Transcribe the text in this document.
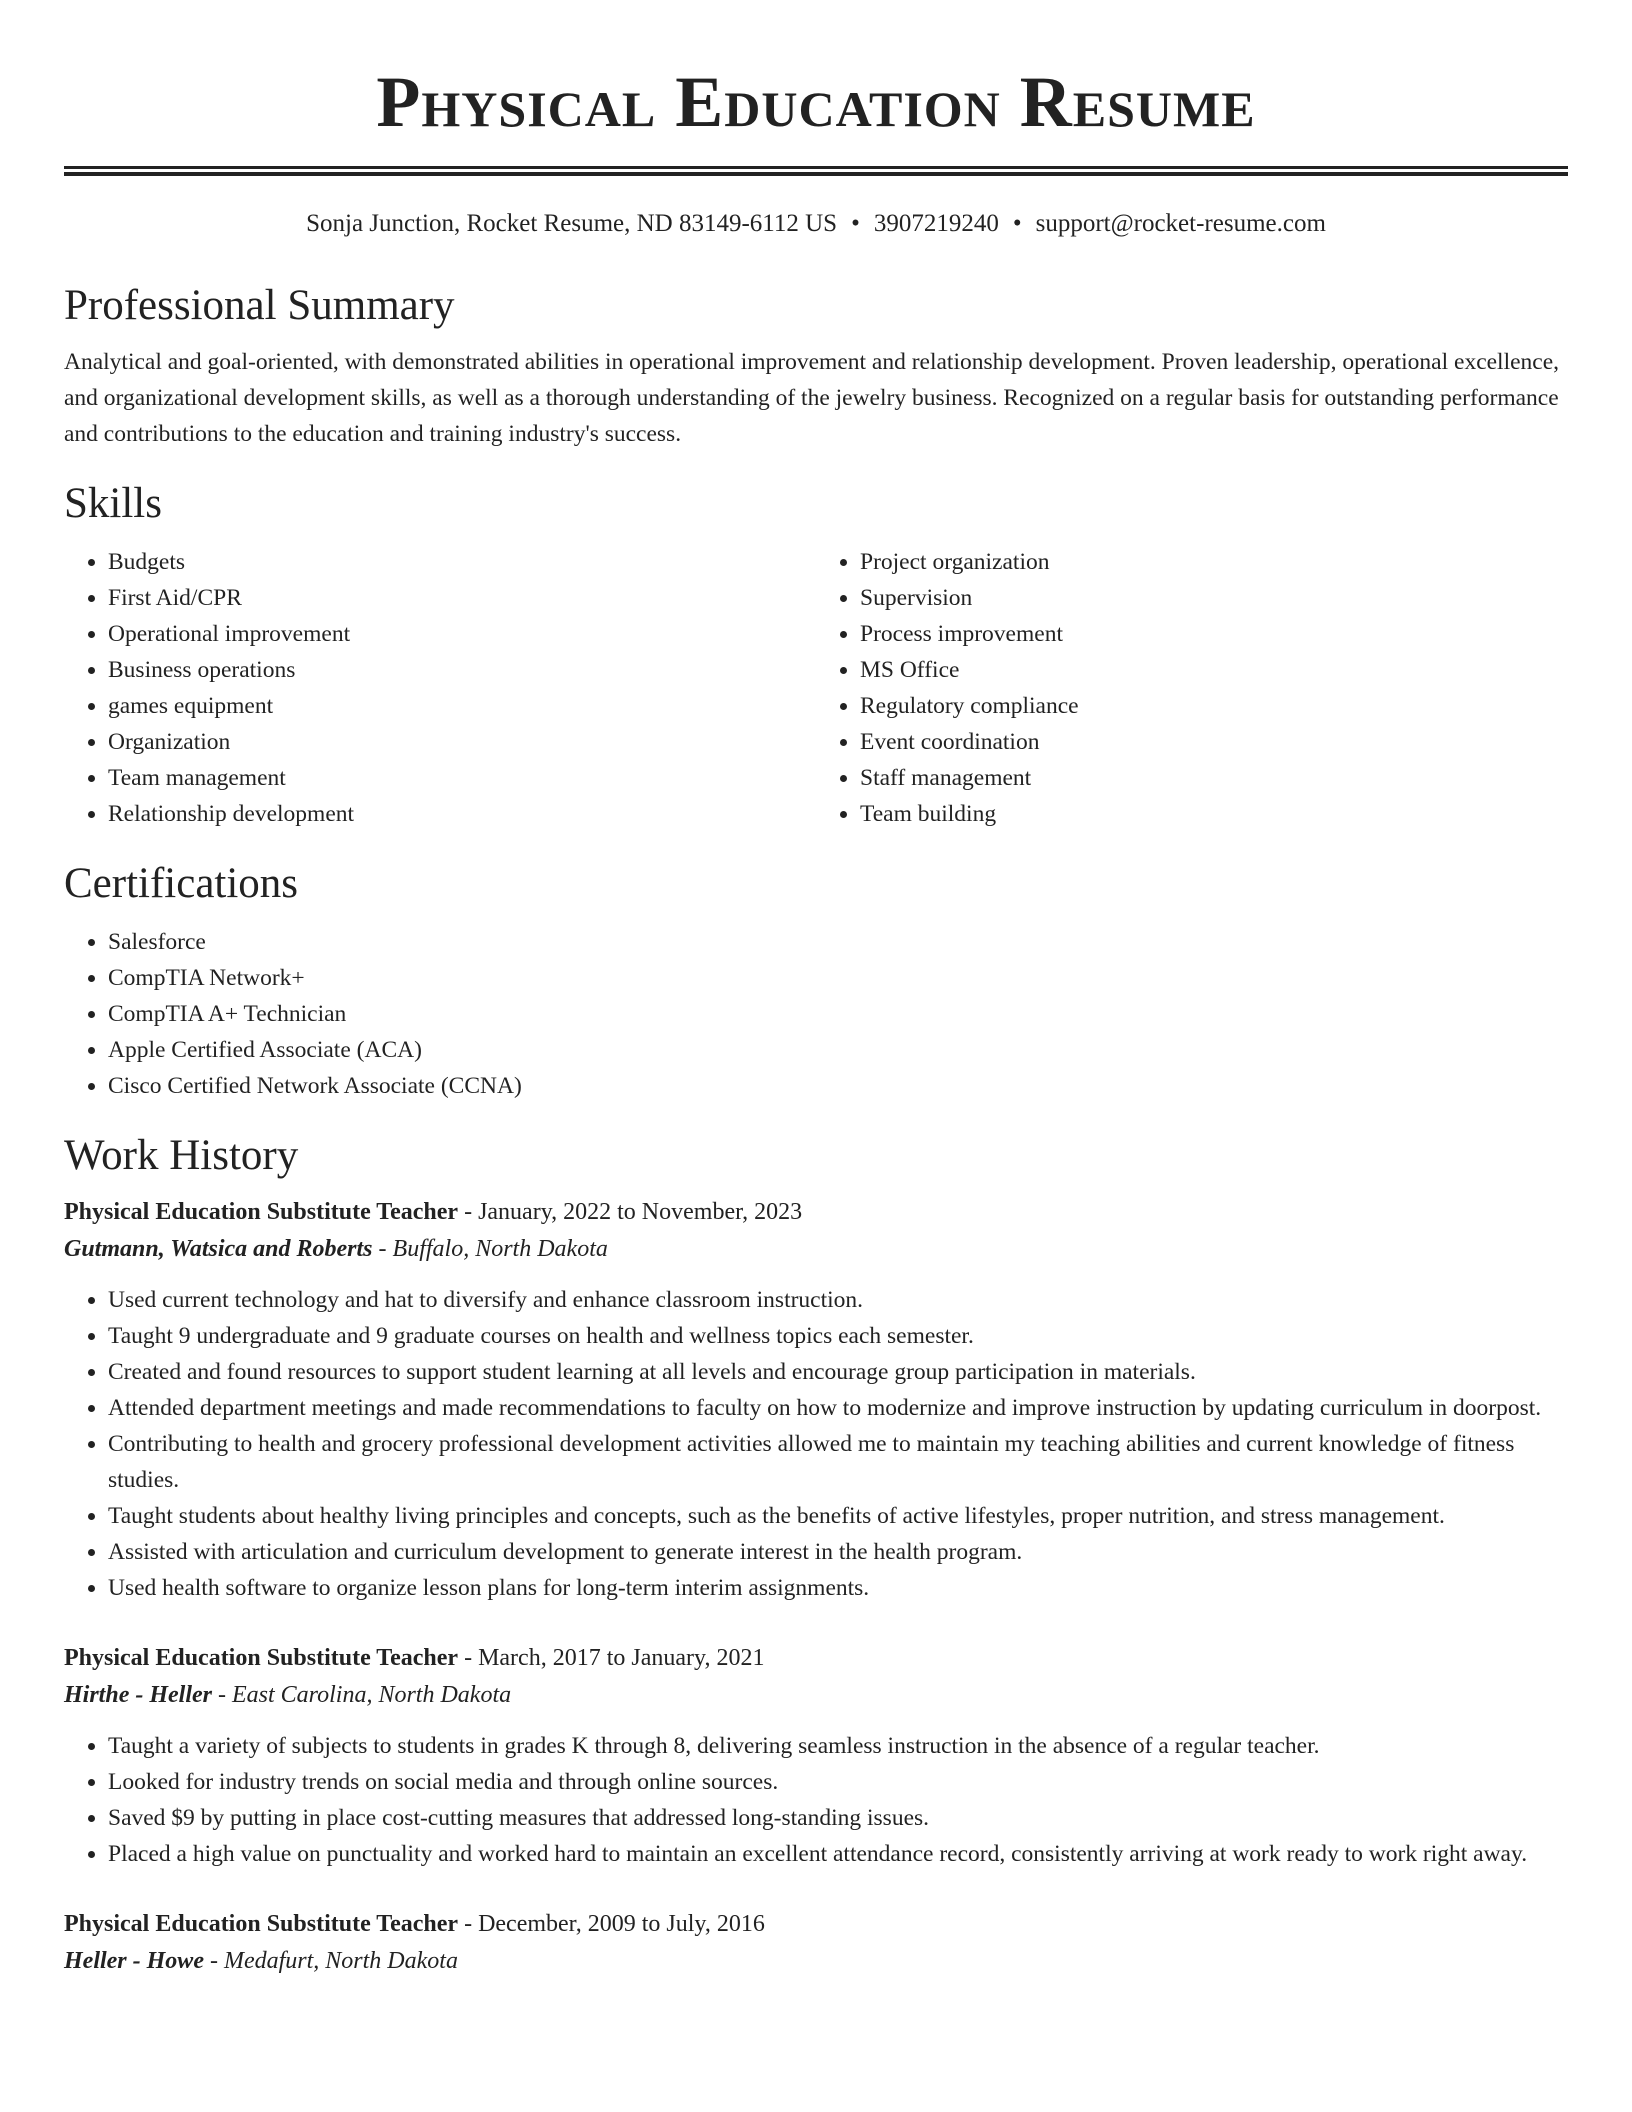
Physical Education Resume
Sonja Junction, Rocket Resume, ND 83149-6112 US • 3907219240 • support@rocket-resume.com
Professional Summary

Analytical and goal-oriented, with demonstrated abilities in operational improvement and relationship development. Proven leadership, operational excellence, and organizational development skills, as well as a thorough understanding of the jewelry business. Recognized on a regular basis for outstanding performance and contributions to the education and training industry's success.

Skills
• Budgets
• First Aid/CPR
• Operational improvement
• Business operations
• games equipment
• Organization
• Team management
• Relationship development
• Project organization
• Supervision
• Process improvement
• MS Office
• Regulatory compliance
• Event coordination
• Staff management
• Team building
Certifications
• Salesforce
• CompTIA Network+
• CompTIA A+ Technician
• Apple Certified Associate (ACA)
• Cisco Certified Network Associate (CCNA)
Work History

Physical Education Substitute Teacher - January, 2022 to November, 2023

Gutmann, Watsica and Roberts - Buffalo, North Dakota

• Used current technology and hat to diversify and enhance classroom instruction.
• Taught 9 undergraduate and 9 graduate courses on health and wellness topics each semester.
• Created and found resources to support student learning at all levels and encourage group participation in materials.
• Attended department meetings and made recommendations to faculty on how to modernize and improve instruction by updating curriculum in doorpost.
• Contributing to health and grocery professional development activities allowed me to maintain my teaching abilities and current knowledge of fitness studies.
• Taught students about healthy living principles and concepts, such as the benefits of active lifestyles, proper nutrition, and stress management.
• Assisted with articulation and curriculum development to generate interest in the health program.
• Used health software to organize lesson plans for long-term interim assignments.

Physical Education Substitute Teacher - March, 2017 to January, 2021

Hirthe - Heller - East Carolina, North Dakota

• Taught a variety of subjects to students in grades K through 8, delivering seamless instruction in the absence of a regular teacher.
• Looked for industry trends on social media and through online sources.
• Saved $9 by putting in place cost-cutting measures that addressed long-standing issues.
• Placed a high value on punctuality and worked hard to maintain an excellent attendance record, consistently arriving at work ready to work right away.

Physical Education Substitute Teacher - December, 2009 to July, 2016

Heller - Howe - Medafurt, North Dakota
